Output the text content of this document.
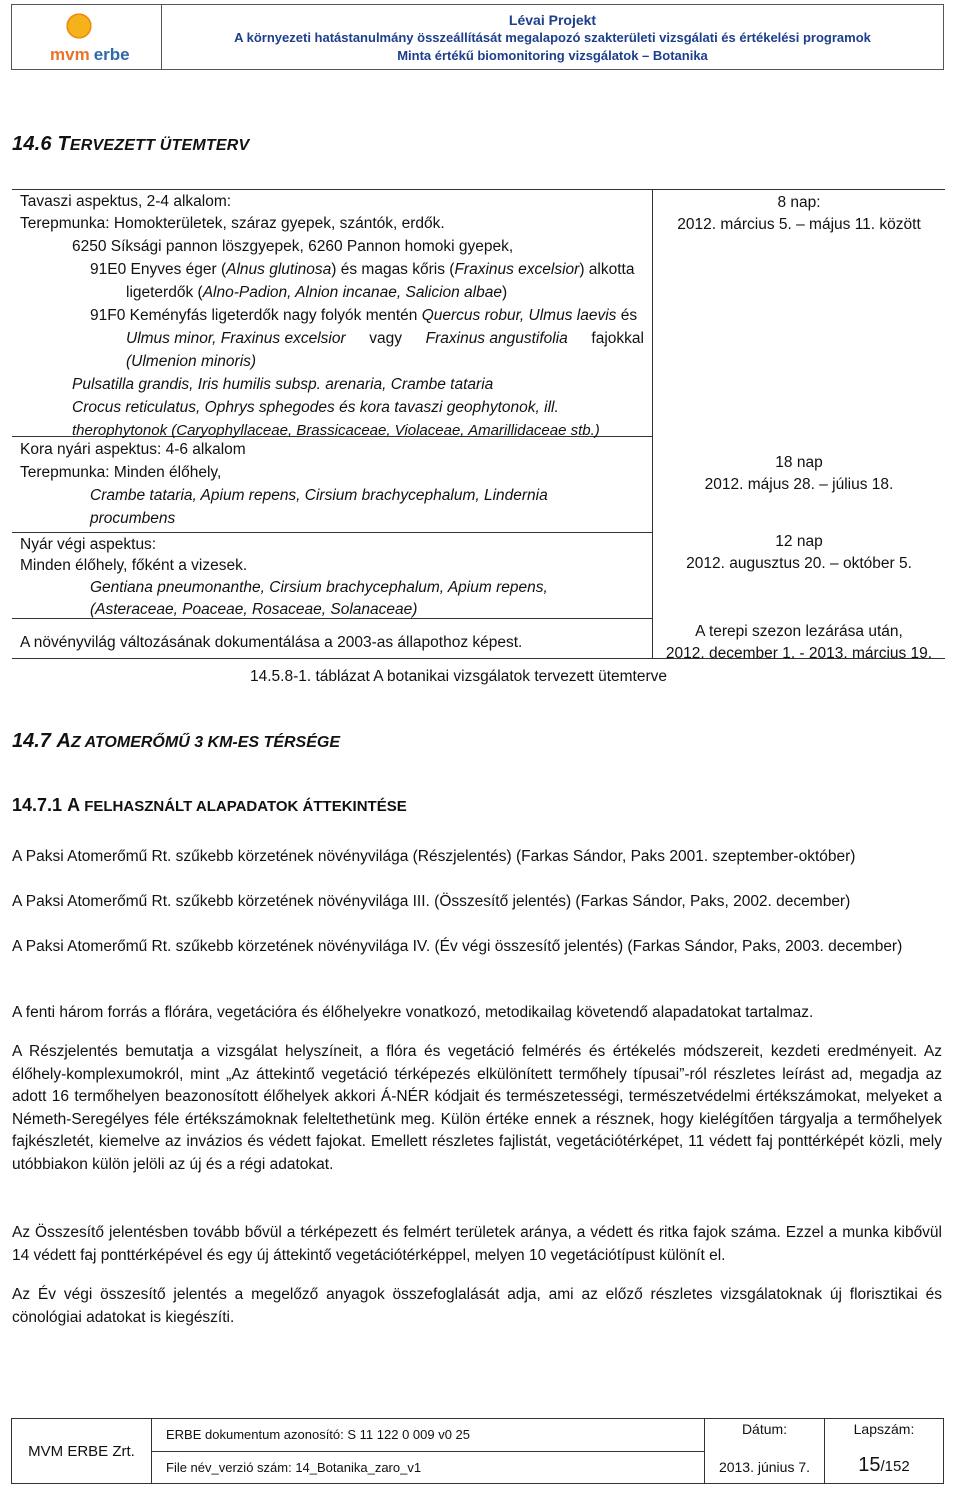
mvm erbe
Lévai Projekt
A környezeti hatástanulmány összeállítását megalapozó szakterületi vizsgálati és értékelési programok
Minta értékű biomonitoring vizsgálatok – Botanika
14.6 TERVEZETT ÜTEMTERV
Tavaszi aspektus, 2-4 alkalom:
Terepmunka: Homokterületek, száraz gyepek, szántók, erdők.
6250 Síksági pannon löszgyepek, 6260 Pannon homoki gyepek,
91E0 Enyves éger (Alnus glutinosa) és magas kőris (Fraxinus excelsior) alkotta
ligeterdők (Alno-Padion, Alnion incanae, Salicion albae)
91F0 Keményfás ligeterdők nagy folyók mentén Quercus robur, Ulmus laevis és
Ulmus minor, Fraxinus excelsior vagy Fraxinus angustifolia fajokkal
(Ulmenion minoris)
Pulsatilla grandis, Iris humilis subsp. arenaria, Crambe tataria
Crocus reticulatus, Ophrys sphegodes és kora tavaszi geophytonok, ill.
therophytonok (Caryophyllaceae, Brassicaceae, Violaceae, Amarillidaceae stb.)
8 nap:
2012. március 5. – május 11. között
Kora nyári aspektus: 4-6 alkalom
Terepmunka: Minden élőhely,
Crambe tataria, Apium repens, Cirsium brachycephalum, Lindernia
procumbens
18 nap
2012. május 28. – július 18.
Nyár végi aspektus:
Minden élőhely, főként a vizesek.
Gentiana pneumonanthe, Cirsium brachycephalum, Apium repens,
(Asteraceae, Poaceae, Rosaceae, Solanaceae)
12 nap
2012. augusztus 20. – október 5.
A növényvilág változásának dokumentálása a 2003-as állapothoz képest.
A terepi szezon lezárása után,
2012. december 1. - 2013. március 19.
14.5.8-1. táblázat A botanikai vizsgálatok tervezett ütemterve
14.7 AZ ATOMERŐMŰ 3 KM-ES TÉRSÉGE
14.7.1 A FELHASZNÁLT ALAPADATOK ÁTTEKINTÉSE
A Paksi Atomerőmű Rt. szűkebb körzetének növényvilága (Részjelentés) (Farkas Sándor, Paks 2001. szeptember-október)
A Paksi Atomerőmű Rt. szűkebb körzetének növényvilága III. (Összesítő jelentés) (Farkas Sándor, Paks, 2002. december)
A Paksi Atomerőmű Rt. szűkebb körzetének növényvilága IV. (Év végi összesítő jelentés) (Farkas Sándor, Paks, 2003. december)
A fenti három forrás a flórára, vegetációra és élőhelyekre vonatkozó, metodikailag követendő alapadatokat tartalmaz.
A Részjelentés bemutatja a vizsgálat helyszíneit, a flóra és vegetáció felmérés és értékelés módszereit, kezdeti eredményeit. Az élőhely-komplexumokról, mint „Az áttekintő vegetáció térképezés elkülönített termőhely típusai”-ról részletes leírást ad, megadja az adott 16 termőhelyen beazonosított élőhelyek akkori Á-NÉR kódjait és természetességi, természetvédelmi értékszámokat, melyeket a Németh-Seregélyes féle értékszámoknak feleltethetünk meg. Külön értéke ennek a résznek, hogy kielégítően tárgyalja a termőhelyek fajkészletét, kiemelve az invázios és védett fajokat. Emellett részletes fajlistát, vegetációtérképet, 11 védett faj ponttérképét közli, mely utóbbiakon külön jelöli az új és a régi adatokat.
Az Összesítő jelentésben tovább bővül a térképezett és felmért területek aránya, a védett és ritka fajok száma. Ezzel a munka kibővül 14 védett faj ponttérképével és egy új áttekintő vegetációtérképpel, melyen 10 vegetációtípust különít el.
Az Év végi összesítő jelentés a megelőző anyagok összefoglalását adja, ami az előző részletes vizsgálatoknak új florisztikai és cönológiai adatokat is kiegészíti.
MVM ERBE Zrt.
ERBE dokumentum azonosító: S 11 122 0 009 v0 25
File név_verzió szám: 14_Botanika_zaro_v1
Dátum:
2013. június 7.
Lapszám:
15/152
